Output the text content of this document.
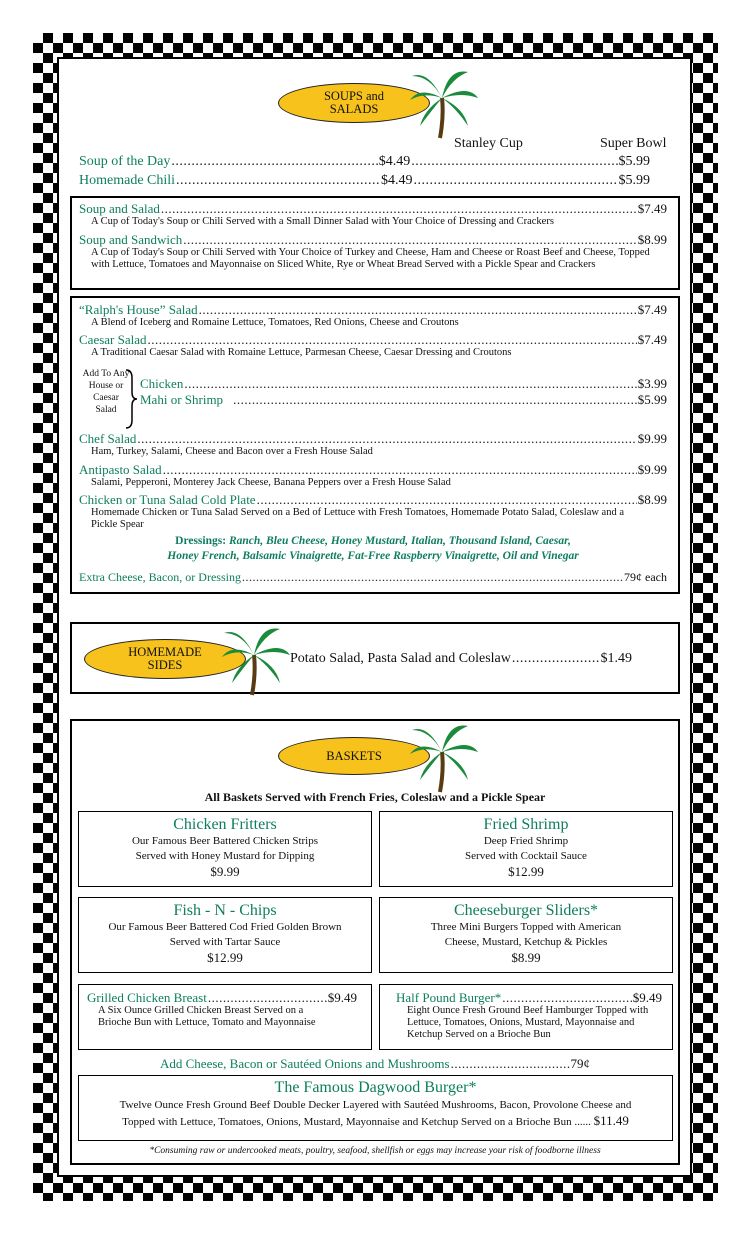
SOUPS and SALADS
Stanley Cup	Super Bowl
Soup of the Day .....	$4.49 .....	$5.99
Homemade Chili .....	$4.49 .....	$5.99
Soup and Salad .....	$7.49
A Cup of Today's Soup or Chili Served with a Small Dinner Salad with Your Choice of Dressing and Crackers
Soup and Sandwich .....	$8.99
A Cup of Today's Soup or Chili Served with Your Choice of Turkey and Cheese, Ham and Cheese or Roast Beef and Cheese, Topped with Lettuce, Tomatoes and Mayonnaise on Sliced White, Rye or Wheat Bread Served with a Pickle Spear and Crackers
“Ralph's House” Salad .....	$7.49
A Blend of Iceberg and Romaine Lettuce, Tomatoes, Red Onions, Cheese and Croutons
Caesar Salad .....	$7.49
A Traditional Caesar Salad with Romaine Lettuce, Parmesan Cheese, Caesar Dressing and Croutons
Add To Any House or Caesar Salad
Chicken .....	$3.99
Mahi or Shrimp .....	$5.99
Chef Salad .....	$9.99
Ham, Turkey, Salami, Cheese and Bacon over a Fresh House Salad
Antipasto Salad .....	$9.99
Salami, Pepperoni, Monterey Jack Cheese, Banana Peppers over a Fresh House Salad
Chicken or Tuna Salad Cold Plate .....	$8.99
Homemade Chicken or Tuna Salad Served on a Bed of Lettuce with Fresh Tomatoes, Homemade Potato Salad, Coleslaw and a Pickle Spear
Dressings: Ranch, Bleu Cheese, Honey Mustard, Italian, Thousand Island, Caesar,
Honey French, Balsamic Vinaigrette, Fat-Free Raspberry Vinaigrette, Oil and Vinegar
Extra Cheese, Bacon, or Dressing .....	79¢ each
HOMEMADE SIDES	Potato Salad, Pasta Salad and Coleslaw .....	$1.49
BASKETS
All Baskets Served with French Fries, Coleslaw and a Pickle Spear
Chicken Fritters
Our Famous Beer Battered Chicken Strips
Served with Honey Mustard for Dipping
$9.99
Fried Shrimp
Deep Fried Shrimp
Served with Cocktail Sauce
$12.99
Fish - N - Chips
Our Famous Beer Battered Cod Fried Golden Brown
Served with Tartar Sauce
$12.99
Cheeseburger Sliders*
Three Mini Burgers Topped with American
Cheese, Mustard, Ketchup & Pickles
$8.99
Grilled Chicken Breast .....	$9.49
A Six Ounce Grilled Chicken Breast Served on a Brioche Bun with Lettuce, Tomato and Mayonnaise
Half Pound Burger* .....	$9.49
Eight Ounce Fresh Ground Beef Hamburger Topped with Lettuce, Tomatoes, Onions, Mustard, Mayonnaise and Ketchup Served on a Brioche Bun
Add Cheese, Bacon or Sautéed Onions and Mushrooms .....	79¢
The Famous Dagwood Burger*
Twelve Ounce Fresh Ground Beef Double Decker Layered with Sautéed Mushrooms, Bacon, Provolone Cheese and
Topped with Lettuce, Tomatoes, Onions, Mustard, Mayonnaise and Ketchup Served on a Brioche Bun ...... $11.49
*Consuming raw or undercooked meats, poultry, seafood, shellfish or eggs may increase your risk of foodborne illness
